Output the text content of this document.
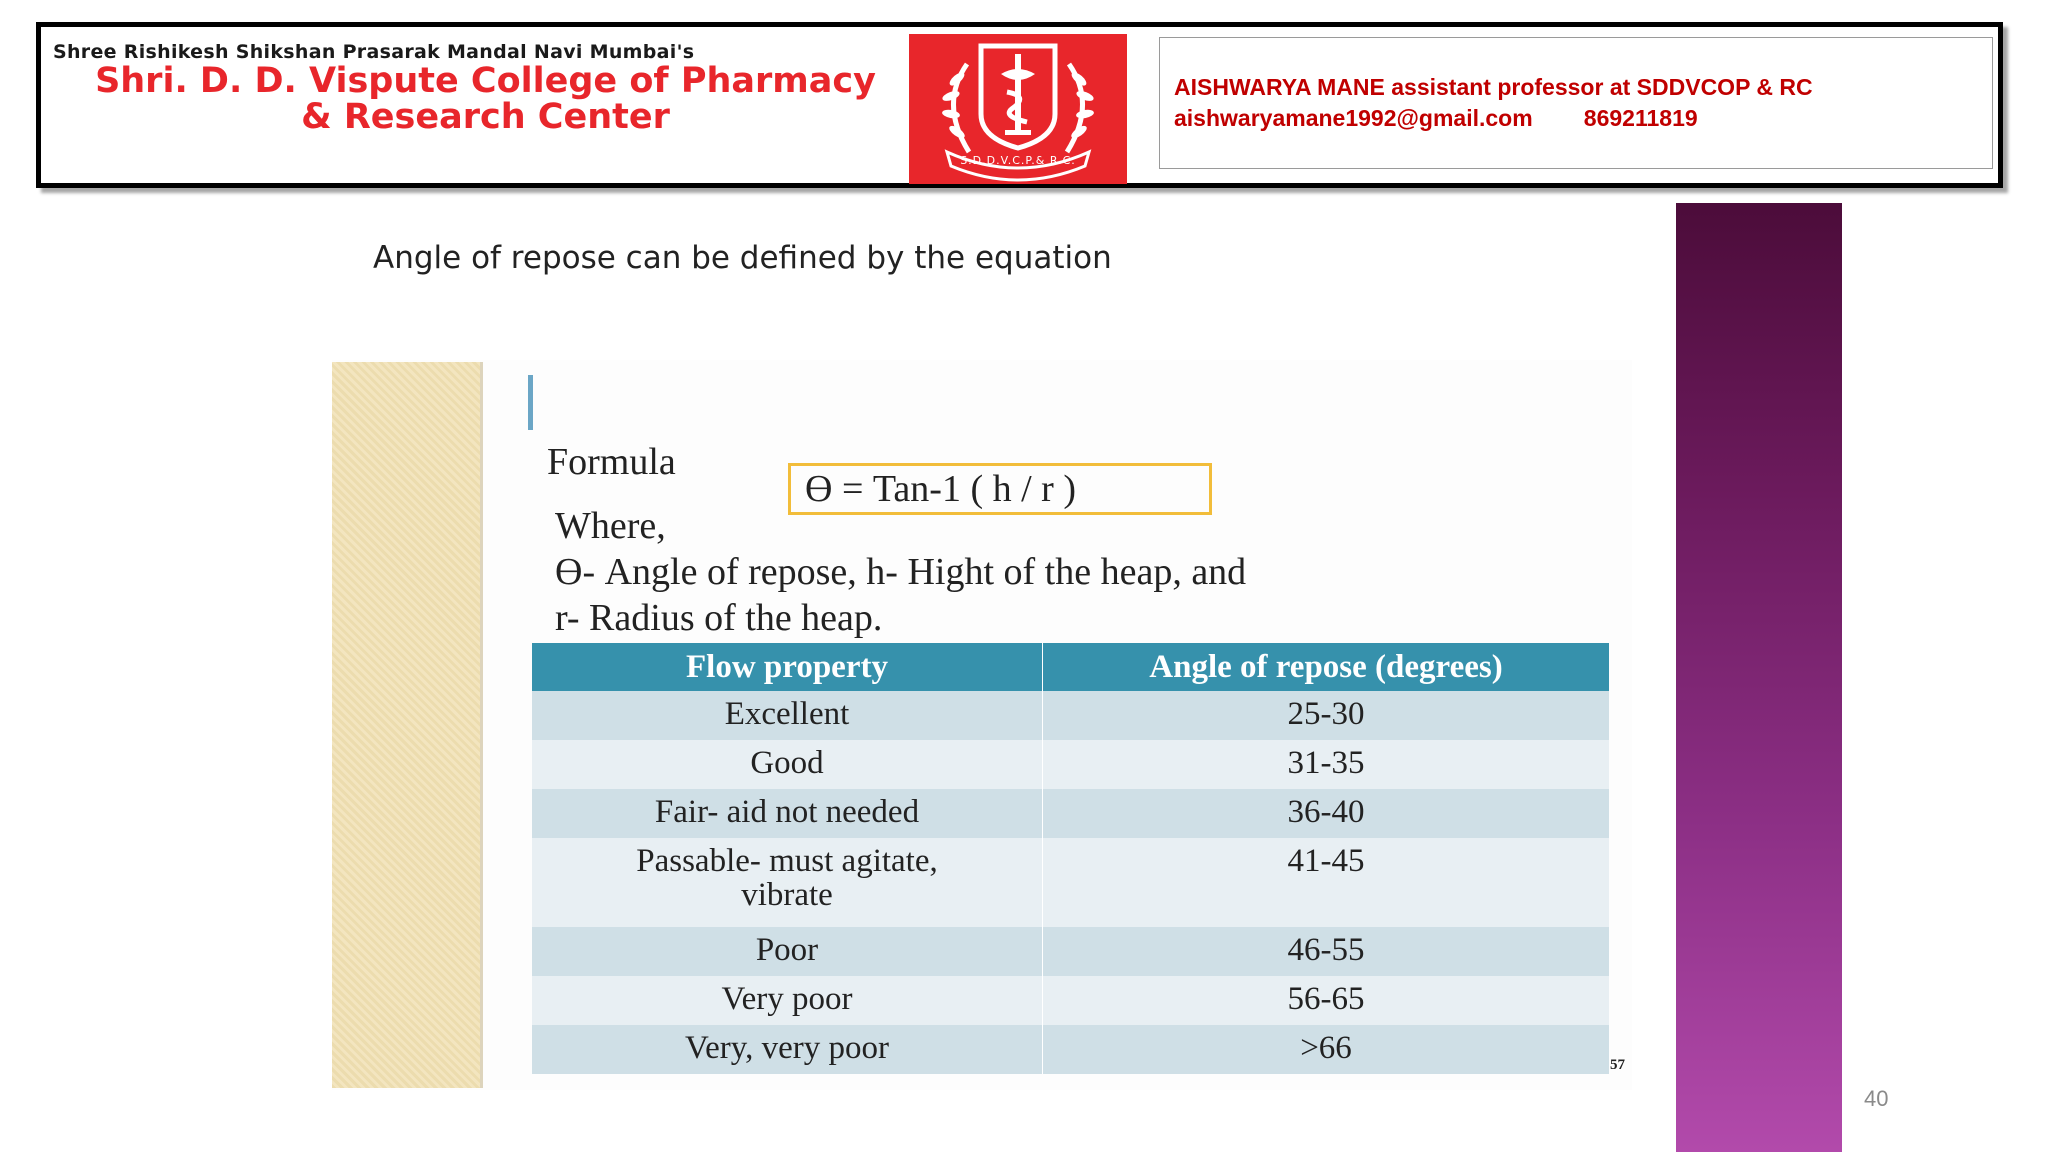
Shree Rishikesh Shikshan Prasarak Mandal Navi Mumbai's
Shri. D. D. Vispute College of Pharmacy
& Research Center
S.D.D.V.C.P.& R.C.
AISHWARYA MANE assistant professor at SDDVCOP & RC
aishwaryamane1992@gmail.com 869211819
Angle of repose can be defined by the equation
Formula
ϴ = Tan-1 ( h / r )
Where,
ϴ- Angle of repose, h- Hight of the heap, and
r- Radius of the heap.
Flow property	Angle of repose (degrees)
Excellent	25-30
Good	31-35
Fair- aid not needed	36-40

Passable- must agitate,
vibrate	41-45
Poor	46-55
Very poor	56-65
Very, very poor	>66	57
40
